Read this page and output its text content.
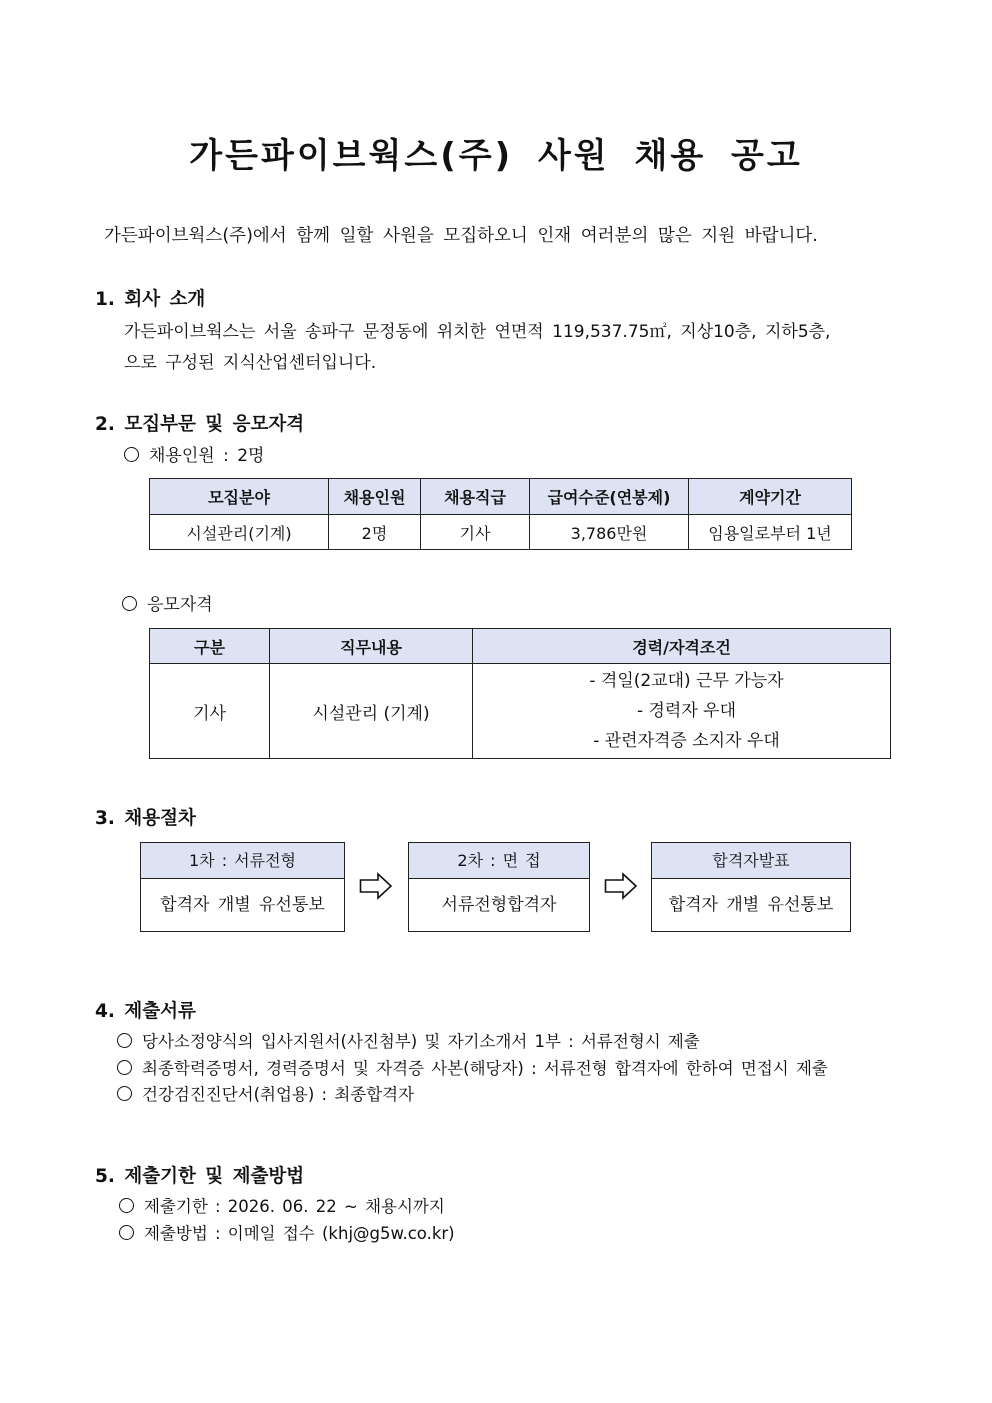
가든파이브웍스(주) 사원 채용 공고
가든파이브웍스(주)에서 함께 일할 사원을 모집하오니 인재 여러분의 많은 지원 바랍니다.
1. 회사 소개
가든파이브웍스는 서울 송파구 문정동에 위치한 연면적 119,537.75㎡, 지상10층, 지하5층,
으로 구성된 지식산업센터입니다.
2. 모집부문 및 응모자격
채용인원 : 2명
모집분야	채용인원	채용직급	급여수준(연봉제)	계약기간
시설관리(기계)	2명	기사	3,786만원	임용일로부터 1년
응모자격
구분	직무내용	경력/자격조건
기사	시설관리 (기계)	- 격일(2교대) 근무 가능자
- 경력자 우대
- 관련자격증 소지자 우대
3. 채용절차
1차 : 서류전형
합격자 개별 유선통보
2차 : 면 접
서류전형합격자
합격자발표
합격자 개별 유선통보
4. 제출서류
당사소정양식의 입사지원서(사진첨부) 및 자기소개서 1부 : 서류전형시 제출
최종학력증명서, 경력증명서 및 자격증 사본(해당자) : 서류전형 합격자에 한하여 면접시 제출
건강검진진단서(취업용) : 최종합격자
5. 제출기한 및 제출방법
제출기한 : 2026. 06. 22 ~ 채용시까지
제출방법 : 이메일 접수 (khj@g5w.co.kr)
